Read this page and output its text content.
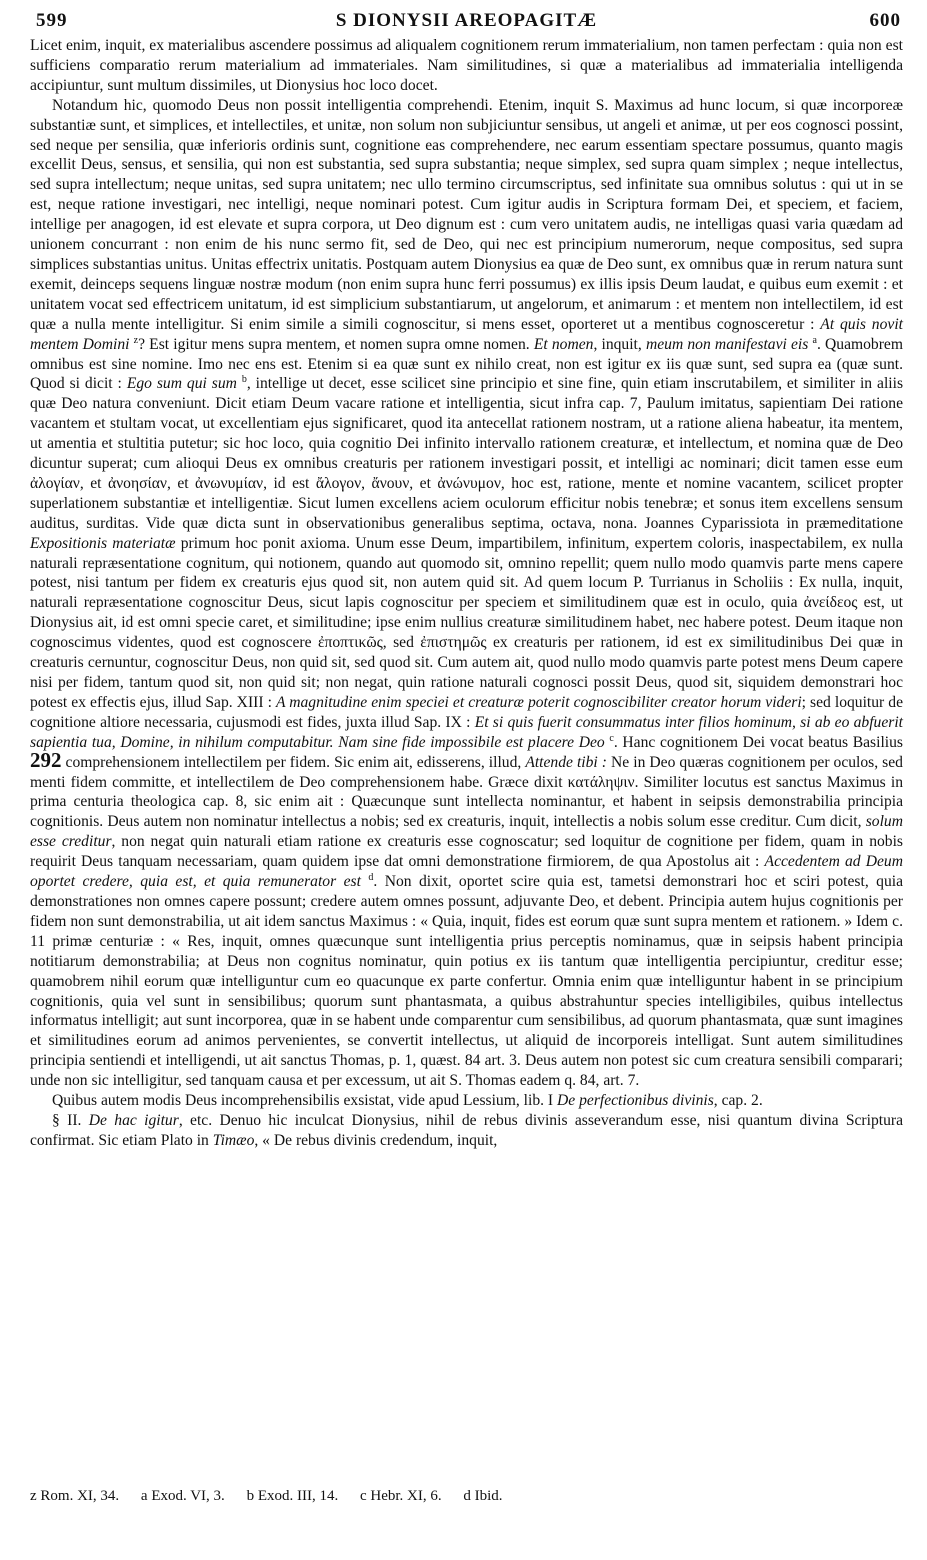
599	S DIONYSII AREOPAGITÆ	600

Licet enim, inquit, ex materialibus ascendere possimus ad aliqualem cognitionem rerum immaterialium, non tamen perfectam : quia non est sufficiens comparatio rerum materialium ad immateriales. Nam similitudines, si quæ a materialibus ad immaterialia intelligenda accipiuntur, sunt multum dissimiles, ut Dionysius hoc loco docet.

Notandum hic, quomodo Deus non possit intelligentia comprehendi. Etenim, inquit S. Maximus ad hunc locum, si quæ incorporeæ substantiæ sunt, et simplices, et intellectiles, et unitæ, non solum non subjiciuntur sensibus, ut angeli et animæ, ut per eos cognosci possint, sed neque per sensilia, quæ inferioris ordinis sunt, cognitione eas comprehendere, nec earum essentiam spectare possumus, quanto magis excellit Deus, sensus, et sensilia, qui non est substantia, sed supra substantia; neque simplex, sed supra quam simplex ; neque intellectus, sed supra intellectum; neque unitas, sed supra unitatem; nec ullo termino circumscriptus, sed infinitate sua omnibus solutus : qui ut in se est, neque ratione investigari, nec intelligi, neque nominari potest. Cum igitur audis in Scriptura formam Dei, et speciem, et faciem, intellige per anagogen, id est elevate et supra corpora, ut Deo dignum est : cum vero unitatem audis, ne intelligas quasi varia quædam ad unionem concurrant : non enim de his nunc sermo fit, sed de Deo, qui nec est principium numerorum, neque compositus, sed supra simplices substantias unitus. Unitas effectrix unitatis. Postquam autem Dionysius ea quæ de Deo sunt, ex omnibus quæ in rerum natura sunt exemit, deinceps sequens linguæ nostræ modum (non enim supra hunc ferri possumus) ex illis ipsis Deum laudat, e quibus eum exemit : et unitatem vocat sed effectricem unitatum, id est simplicium substantiarum, ut angelorum, et animarum : et mentem non intellectilem, id est quæ a nulla mente intelligitur. Si enim simile a simili cognoscitur, si mens esset, oporteret ut a mentibus cognosceretur : At quis novit mentem Domini $^z$? Est igitur mens supra mentem, et nomen supra omne nomen. Et nomen, inquit, meum non manifestavi eis $^a$. Quamobrem omnibus est sine nomine. Imo nec ens est. Etenim si ea quæ sunt ex nihilo creat, non est igitur ex iis quæ sunt, sed supra ea (quæ sunt. Quod si dicit : Ego sum qui sum $^b$, intellige ut decet, esse scilicet sine principio et sine fine, quin etiam inscrutabilem, et similiter in aliis quæ Deo natura conveniunt. Dicit etiam Deum vacare ratione et intelligentia, sicut infra cap. 7, Paulum imitatus, sapientiam Dei ratione vacantem et stultam vocat, ut excellentiam ejus significaret, quod ita antecellat rationem nostram, ut a ratione aliena habeatur, ita mentem, ut amentia et stultitia putetur; sic hoc loco, quia cognitio Dei infinito intervallo rationem creaturæ, et intellectum, et nomina quæ de Deo dicuntur superat; cum alioqui Deus ex omnibus creaturis per rationem investigari possit, et intelligi ac nominari; dicit tamen esse eum ἀλογίαν, et ἀνοησίαν, et ἀνωνυμίαν, id est ἄλογον, ἄνουν, et ἀνώνυμον, hoc est, ratione, mente et nomine vacantem, scilicet propter superlationem substantiæ et intelligentiæ. Sicut lumen excellens aciem oculorum efficitur nobis tenebræ; et sonus item excellens sensum auditus, surditas. Vide quæ dicta sunt in observationibus generalibus septima, octava, nona. Joannes Cyparissiota in præmeditatione Expositionis materiatæ primum hoc ponit axioma. Unum esse Deum, impartibilem, infinitum, expertem coloris, inaspectabilem, ex nulla naturali repræsentatione cognitum, qui notionem, quando aut quomodo sit, omnino repellit; quem nullo modo quamvis parte mens capere potest, nisi tantum per fidem ex creaturis ejus quod sit, non autem quid sit. Ad quem locum P. Turrianus in Scholiis : Ex nulla, inquit, naturali repræsentatione cognoscitur Deus, sicut lapis cognoscitur per speciem et similitudinem quæ est in oculo, quia ἀνείδεος est, ut Dionysius ait, id est omni specie caret, et similitudine; ipse enim nullius creaturæ similitudinem habet, nec habere potest. Deum itaque non cognoscimus videntes, quod est cognoscere ἐποπτικῶς, sed ἐπιστημῶς ex creaturis per rationem, id est ex similitudinibus Dei quæ in creaturis cernuntur, cognoscitur Deus, non quid sit, sed quod sit. Cum autem ait, quod nullo modo quamvis parte potest mens Deum capere nisi per fidem, tantum quod sit, non quid sit; non negat, quin ratione naturali cognosci possit Deus, quod sit, siquidem demonstrari hoc potest ex effectis ejus, illud Sap. XIII : A magnitudine enim speciei et creaturæ poterit cognoscibiliter creator horum videri; sed loquitur de cognitione altiore necessaria, cujusmodi est fides, juxta illud Sap. IX : Et si quis fuerit consummatus inter filios hominum, si ab eo abfuerit sapientia tua, Domine, in nihilum computabitur. Nam sine fide impossibile est placere Deo $^c$. Hanc cognitionem Dei vocat beatus Basilius 292 comprehensionem intellectilem per fidem. Sic enim ait, edisserens, illud, Attende tibi : Ne in Deo quæras cognitionem per oculos, sed menti fidem committe, et intellectilem de Deo comprehensionem habe. Græce dixit κατάληψιν. Similiter locutus est sanctus Maximus in prima centuria theologica cap. 8, sic enim ait : Quæcunque sunt intellecta nominantur, et habent in seipsis demonstrabilia principia cognitionis. Deus autem non nominatur intellectus a nobis; sed ex creaturis, inquit, intellectis a nobis solum esse creditur. Cum dicit, solum esse creditur, non negat quin naturali etiam ratione ex creaturis esse cognoscatur; sed loquitur de cognitione per fidem, quam in nobis requirit Deus tanquam necessariam, quam quidem ipse dat omni demonstratione firmiorem, de qua Apostolus ait : Accedentem ad Deum oportet credere, quia est, et quia remunerator est $^d$. Non dixit, oportet scire quia est, tametsi demonstrari hoc et sciri potest, quia demonstrationes non omnes capere possunt; credere autem omnes possunt, adjuvante Deo, et debent. Principia autem hujus cognitionis per fidem non sunt demonstrabilia, ut ait idem sanctus Maximus : « Quia, inquit, fides est eorum quæ sunt supra mentem et rationem. » Idem c. 11 primæ centuriæ : « Res, inquit, omnes quæcunque sunt intelligentia prius perceptis nominamus, quæ in seipsis habent principia notitiarum demonstrabilia; at Deus non cognitus nominatur, quin potius ex iis tantum quæ intelligentia percipiuntur, creditur esse; quamobrem nihil eorum quæ intelliguntur cum eo quacunque ex parte confertur. Omnia enim quæ intelliguntur habent in se principium cognitionis, quia vel sunt in sensibilibus; quorum sunt phantasmata, a quibus abstrahuntur species intelligibiles, quibus intellectus informatus intelligit; aut sunt incorporea, quæ in se habent unde comparentur cum sensibilibus, ad quorum phantasmata, quæ sunt imagines et similitudines eorum ad animos pervenientes, se convertit intellectus, ut aliquid de incorporeis intelligat. Sunt autem similitudines principia sentiendi et intelligendi, ut ait sanctus Thomas, p. 1, quæst. 84 art. 3. Deus autem non potest sic cum creatura sensibili comparari; unde non sic intelligitur, sed tanquam causa et per excessum, ut ait S. Thomas eadem q. 84, art. 7.

Quibus autem modis Deus incomprehensibilis exsistat, vide apud Lessium, lib. I De perfectionibus divinis, cap. 2.

§ II. De hac igitur, etc. Denuo hic inculcat Dionysius, nihil de rebus divinis asseverandum esse, nisi quantum divina Scriptura confirmat. Sic etiam Plato in Timæo, « De rebus divinis credendum, inquit,

z Rom. XI, 34. a Exod. VI, 3. b Exod. III, 14. c Hebr. XI, 6. d Ibid.
